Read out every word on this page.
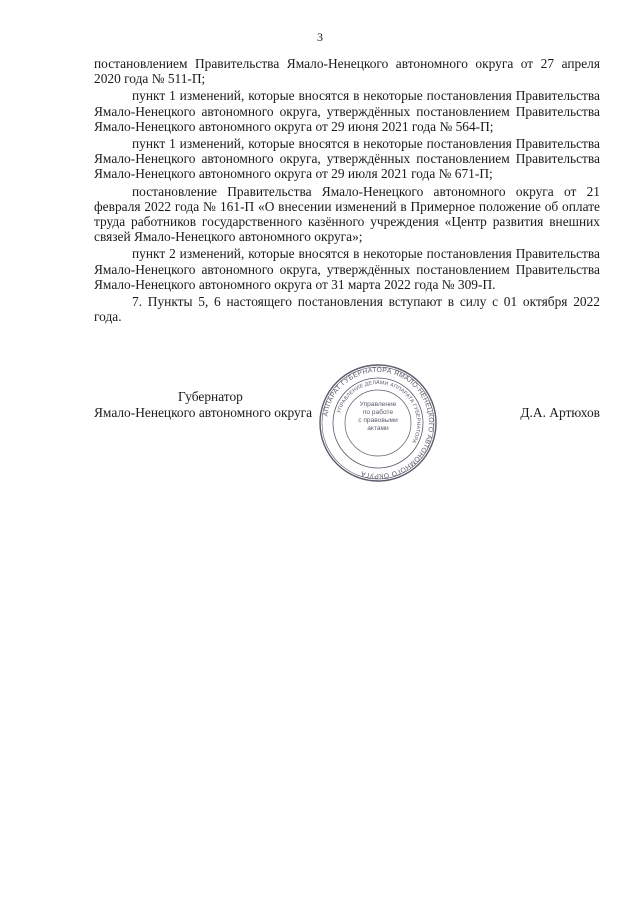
3

постановлением Правительства Ямало-Ненецкого автономного округа от 27 апреля 2020 года № 511-П;

пункт 1 изменений, которые вносятся в некоторые постановления Правительства Ямало-Ненецкого автономного округа, утверждённых постановлением Правительства Ямало-Ненецкого автономного округа от 29 июня 2021 года № 564-П;

пункт 1 изменений, которые вносятся в некоторые постановления Правительства Ямало-Ненецкого автономного округа, утверждённых постановлением Правительства Ямало-Ненецкого автономного округа от 29 июля 2021 года № 671-П;

постановление Правительства Ямало-Ненецкого автономного округа от 21 февраля 2022 года № 161-П «О внесении изменений в Примерное положение об оплате труда работников государственного казённого учреждения «Центр развития внешних связей Ямало-Ненецкого автономного округа»;

пункт 2 изменений, которые вносятся в некоторые постановления Правительства Ямало-Ненецкого автономного округа, утверждённых постановлением Правительства Ямало-Ненецкого автономного округа от 31 марта 2022 года № 309-П.

7. Пункты 5, 6 настоящего постановления вступают в силу с 01 октября 2022 года.

Губернатор
Ямало-Ненецкого автономного округа	Д.А. Артюхов
АППАРАТ ГУБЕРНАТОРА ЯМАЛО-НЕНЕЦКОГО АВТОНОМНОГО ОКРУГА
УПРАВЛЕНИЕ ДЕЛАМИ АППАРАТА ГУБЕРНАТОРА
Управление
по работе
с правовыми
актами
